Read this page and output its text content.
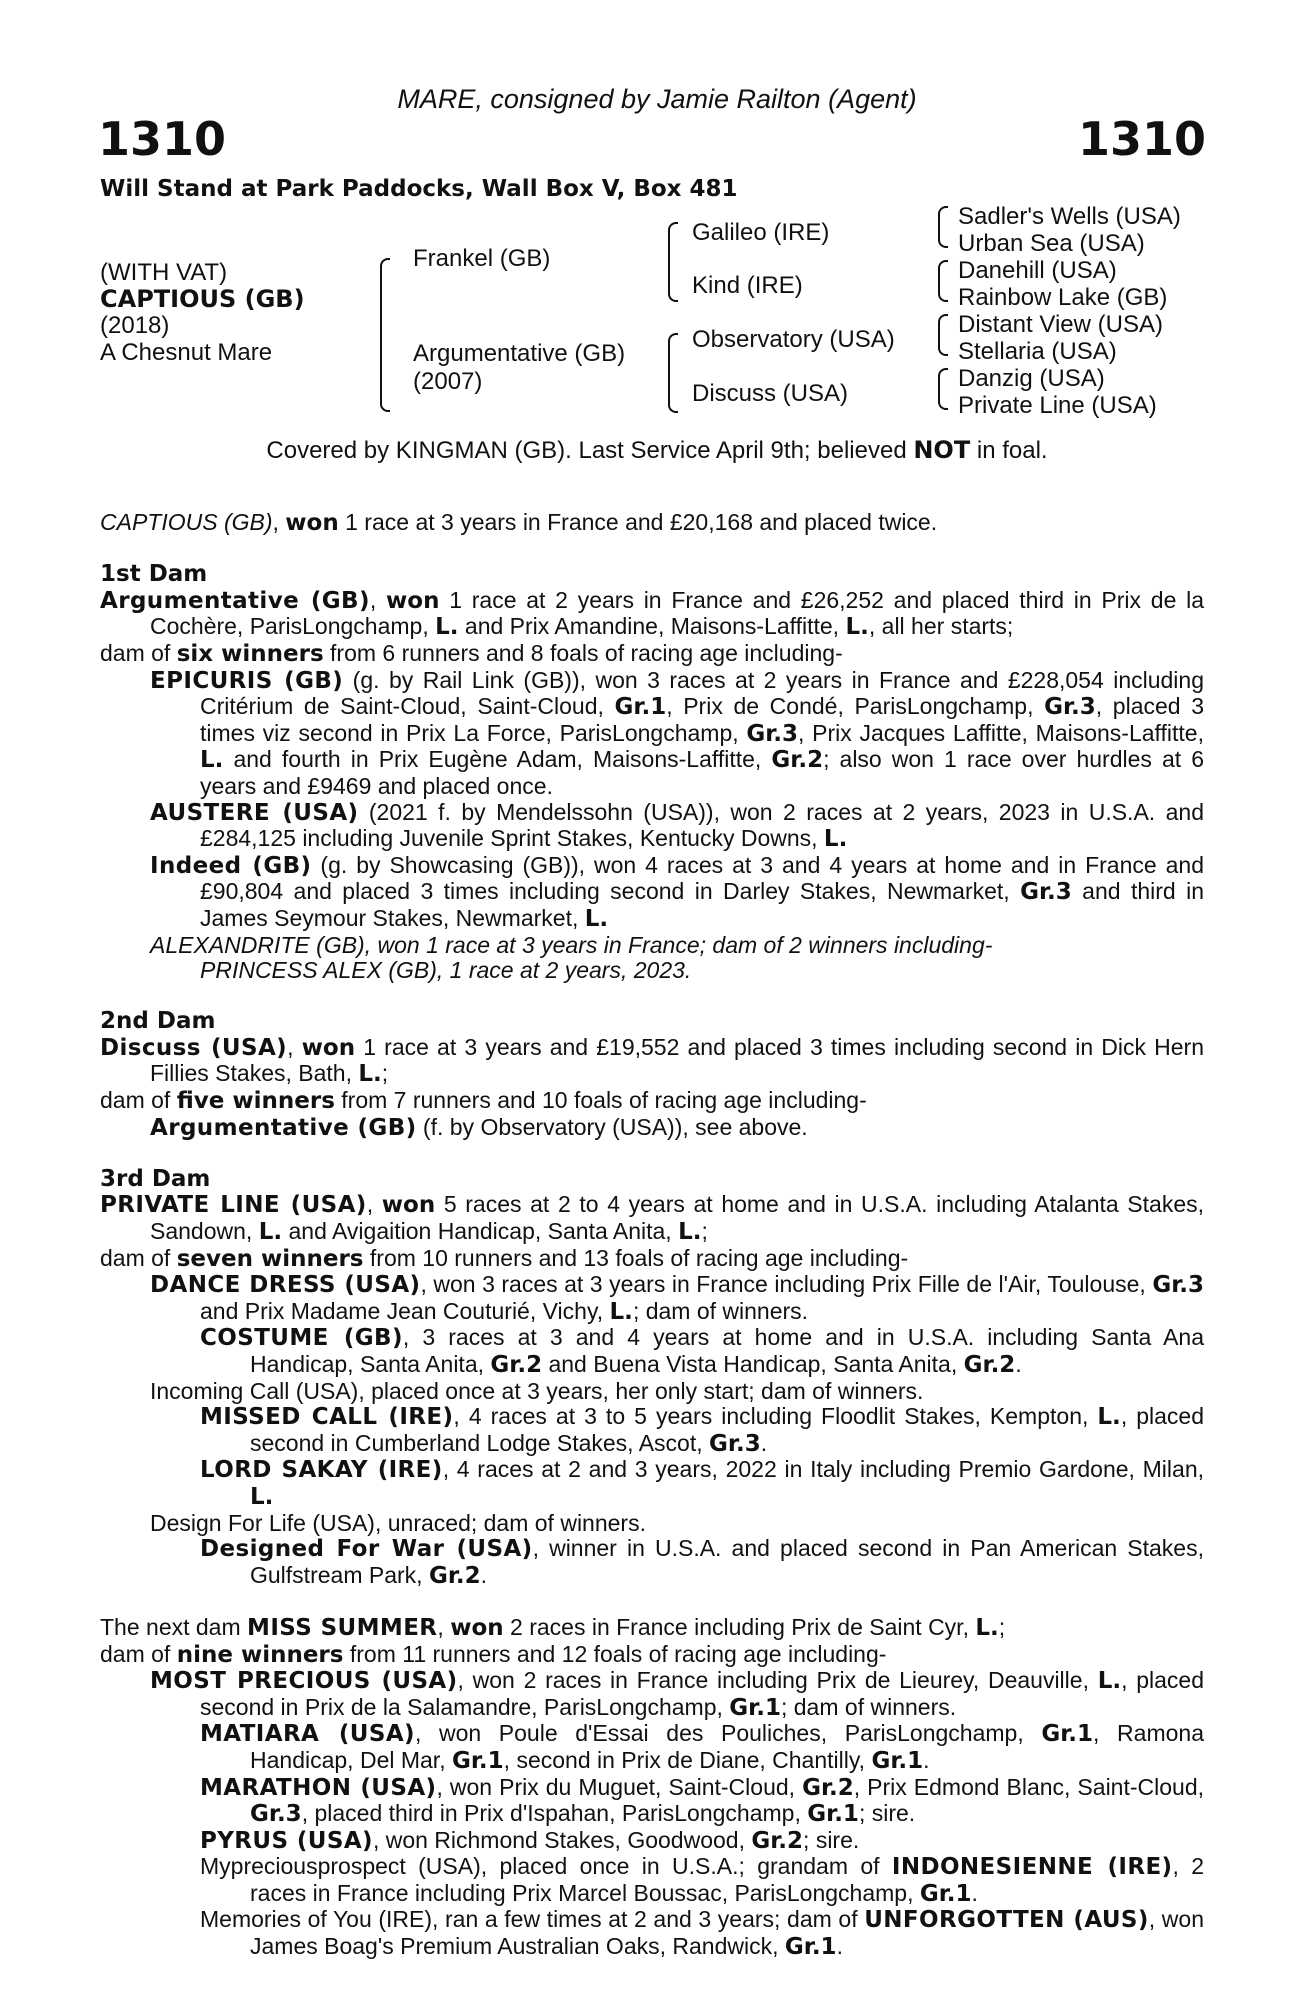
MARE, consigned by Jamie Railton (Agent)
1310	1310
Will Stand at Park Paddocks, Wall Box V, Box 481
(WITH VAT)
CAPTIOUS (GB)
(2018)
A Chesnut Mare
Frankel (GB)
Argumentative (GB)
(2007)
Galileo (IRE)
Kind (IRE)
Observatory (USA)
Discuss (USA)
Sadler's Wells (USA)
Urban Sea (USA)
Danehill (USA)
Rainbow Lake (GB)
Distant View (USA)
Stellaria (USA)
Danzig (USA)
Private Line (USA)
Covered by KINGMAN (GB). Last Service April 9th; believed NOT in foal.

CAPTIOUS (GB), won 1 race at 3 years in France and £20,168 and placed twice.

1st Dam

Argumentative (GB), won 1 race at 2 years in France and £26,252 and placed third in Prix de la Cochère, ParisLongchamp, L. and Prix Amandine, Maisons-Laffitte, L., all her starts;

dam of six winners from 6 runners and 8 foals of racing age including-

EPICURIS (GB) (g. by Rail Link (GB)), won 3 races at 2 years in France and £228,054 including Critérium de Saint-Cloud, Saint-Cloud, Gr.1, Prix de Condé, ParisLongchamp, Gr.3, placed 3 times viz second in Prix La Force, ParisLongchamp, Gr.3, Prix Jacques Laffitte, Maisons-Laffitte, L. and fourth in Prix Eugène Adam, Maisons-Laffitte, Gr.2; also won 1 race over hurdles at 6 years and £9469 and placed once.

AUSTERE (USA) (2021 f. by Mendelssohn (USA)), won 2 races at 2 years, 2023 in U.S.A. and £284,125 including Juvenile Sprint Stakes, Kentucky Downs, L.

Indeed (GB) (g. by Showcasing (GB)), won 4 races at 3 and 4 years at home and in France and £90,804 and placed 3 times including second in Darley Stakes, Newmarket, Gr.3 and third in James Seymour Stakes, Newmarket, L.

ALEXANDRITE (GB), won 1 race at 3 years in France; dam of 2 winners including-

PRINCESS ALEX (GB), 1 race at 2 years, 2023.

2nd Dam

Discuss (USA), won 1 race at 3 years and £19,552 and placed 3 times including second in Dick Hern Fillies Stakes, Bath, L.;

dam of five winners from 7 runners and 10 foals of racing age including-

Argumentative (GB) (f. by Observatory (USA)), see above.

3rd Dam

PRIVATE LINE (USA), won 5 races at 2 to 4 years at home and in U.S.A. including Atalanta Stakes, Sandown, L. and Avigaition Handicap, Santa Anita, L.;

dam of seven winners from 10 runners and 13 foals of racing age including-

DANCE DRESS (USA), won 3 races at 3 years in France including Prix Fille de l'Air, Toulouse, Gr.3 and Prix Madame Jean Couturié, Vichy, L.; dam of winners.

COSTUME (GB), 3 races at 3 and 4 years at home and in U.S.A. including Santa Ana Handicap, Santa Anita, Gr.2 and Buena Vista Handicap, Santa Anita, Gr.2.

Incoming Call (USA), placed once at 3 years, her only start; dam of winners.

MISSED CALL (IRE), 4 races at 3 to 5 years including Floodlit Stakes, Kempton, L., placed second in Cumberland Lodge Stakes, Ascot, Gr.3.

LORD SAKAY (IRE), 4 races at 2 and 3 years, 2022 in Italy including Premio Gardone, Milan, L.

Design For Life (USA), unraced; dam of winners.

Designed For War (USA), winner in U.S.A. and placed second in Pan American Stakes, Gulfstream Park, Gr.2.

The next dam MISS SUMMER, won 2 races in France including Prix de Saint Cyr, L.;

dam of nine winners from 11 runners and 12 foals of racing age including-

MOST PRECIOUS (USA), won 2 races in France including Prix de Lieurey, Deauville, L., placed second in Prix de la Salamandre, ParisLongchamp, Gr.1; dam of winners.

MATIARA (USA), won Poule d'Essai des Pouliches, ParisLongchamp, Gr.1, Ramona Handicap, Del Mar, Gr.1, second in Prix de Diane, Chantilly, Gr.1.

MARATHON (USA), won Prix du Muguet, Saint-Cloud, Gr.2, Prix Edmond Blanc, Saint-Cloud, Gr.3, placed third in Prix d'Ispahan, ParisLongchamp, Gr.1; sire.

PYRUS (USA), won Richmond Stakes, Goodwood, Gr.2; sire.

Mypreciousprospect (USA), placed once in U.S.A.; grandam of INDONESIENNE (IRE), 2 races in France including Prix Marcel Boussac, ParisLongchamp, Gr.1.

Memories of You (IRE), ran a few times at 2 and 3 years; dam of UNFORGOTTEN (AUS), won James Boag's Premium Australian Oaks, Randwick, Gr.1.
